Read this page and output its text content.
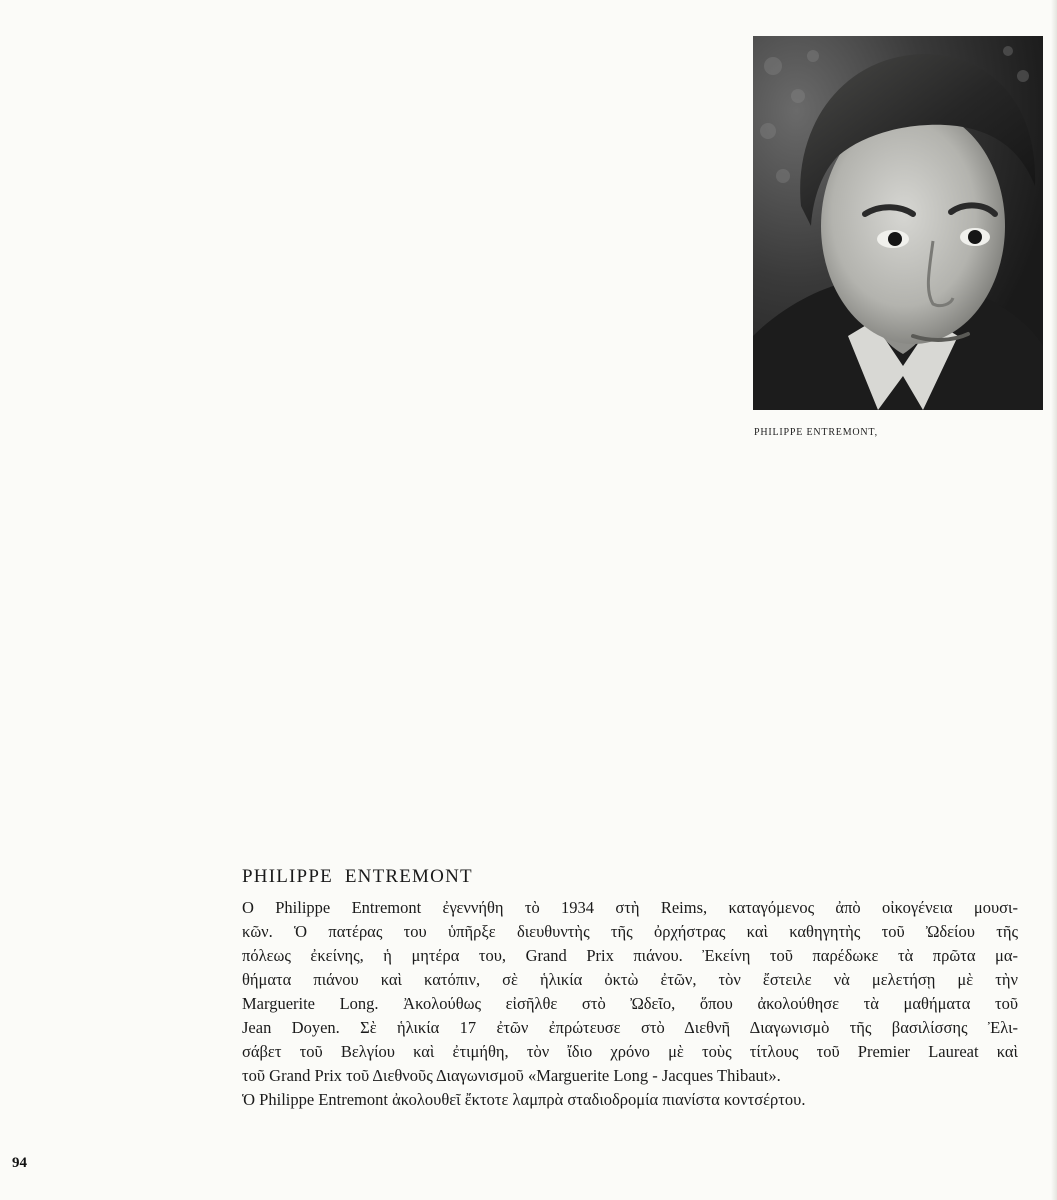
PHILIPPE ENTREMONT,
PHILIPPE ENTREMONT
O Philippe Entremont ἐγεννήθη τὸ 1934 στὴ Reims, καταγόμενος ἀπὸ οἰκογένεια μουσι-
κῶν. Ὁ πατέρας του ὑπῆρξε διευθυντὴς τῆς ὀρχήστρας καὶ καθηγητὴς τοῦ Ὠδείου τῆς
πόλεως ἐκείνης, ἡ μητέρα του, Grand Prix πιάνου. Ἐκείνη τοῦ παρέδωκε τὰ πρῶτα μα-
θήματα πιάνου καὶ κατόπιν, σὲ ἡλικία ὀκτὼ ἐτῶν, τὸν ἔστειλε νὰ μελετήσῃ μὲ τὴν
Marguerite Long. Ἀκολούθως εἰσῆλθε στὸ Ὠδεῖο, ὅπου ἀκολούθησε τὰ μαθήματα τοῦ
Jean Doyen. Σὲ ἡλικία 17 ἐτῶν ἐπρώτευσε στὸ Διεθνῆ Διαγωνισμὸ τῆς βασιλίσσης Ἐλι-
σάβετ τοῦ Βελγίου καὶ ἐτιμήθη, τὸν ἴδιο χρόνο μὲ τοὺς τίτλους τοῦ Premier Laureat καὶ
τοῦ Grand Prix τοῦ Διεθνοῦς Διαγωνισμοῦ «Marguerite Long - Jacques Thibaut».
Ὁ Philippe Entremont ἀκολουθεῖ ἔκτοτε λαμπρὰ σταδιοδρομία πιανίστα κοντσέρτου.
94
